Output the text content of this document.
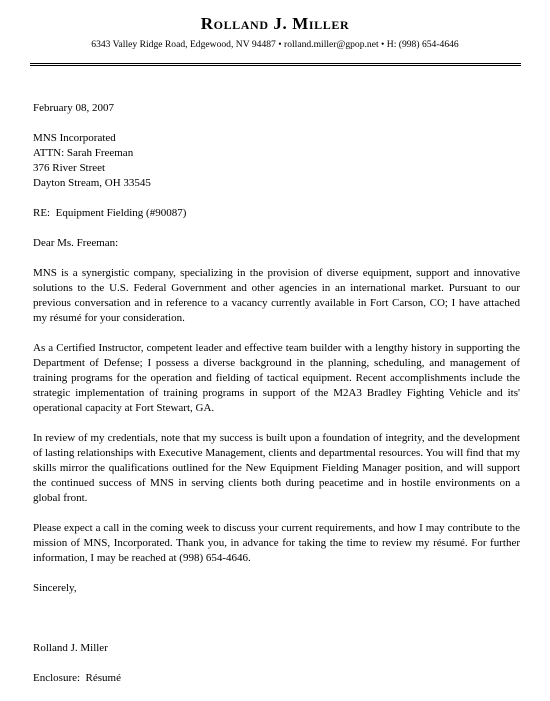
Rolland J. Miller
6343 Valley Ridge Road, Edgewood, NV 94487 • rolland.miller@gpop.net • H: (998) 654-4646
February 08, 2007
MNS Incorporated
ATTN: Sarah Freeman
376 River Street
Dayton Stream, OH 33545
RE:  Equipment Fielding (#90087)
Dear Ms. Freeman:
MNS is a synergistic company, specializing in the provision of diverse equipment, support and innovative solutions to the U.S. Federal Government and other agencies in an international market. Pursuant to our previous conversation and in reference to a vacancy currently available in Fort Carson, CO; I have attached my résumé for your consideration.
As a Certified Instructor, competent leader and effective team builder with a lengthy history in supporting the Department of Defense; I possess a diverse background in the planning, scheduling, and management of training programs for the operation and fielding of tactical equipment. Recent accomplishments include the strategic implementation of training programs in support of the M2A3 Bradley Fighting Vehicle and its' operational capacity at Fort Stewart, GA.
In review of my credentials, note that my success is built upon a foundation of integrity, and the development of lasting relationships with Executive Management, clients and departmental resources. You will find that my skills mirror the qualifications outlined for the New Equipment Fielding Manager position, and will support the continued success of MNS in serving clients both during peacetime and in hostile environments on a global front.
Please expect a call in the coming week to discuss your current requirements, and how I may contribute to the mission of MNS, Incorporated. Thank you, in advance for taking the time to review my résumé. For further information, I may be reached at (998) 654-4646.
Sincerely,
Rolland J. Miller
Enclosure:  Résumé
